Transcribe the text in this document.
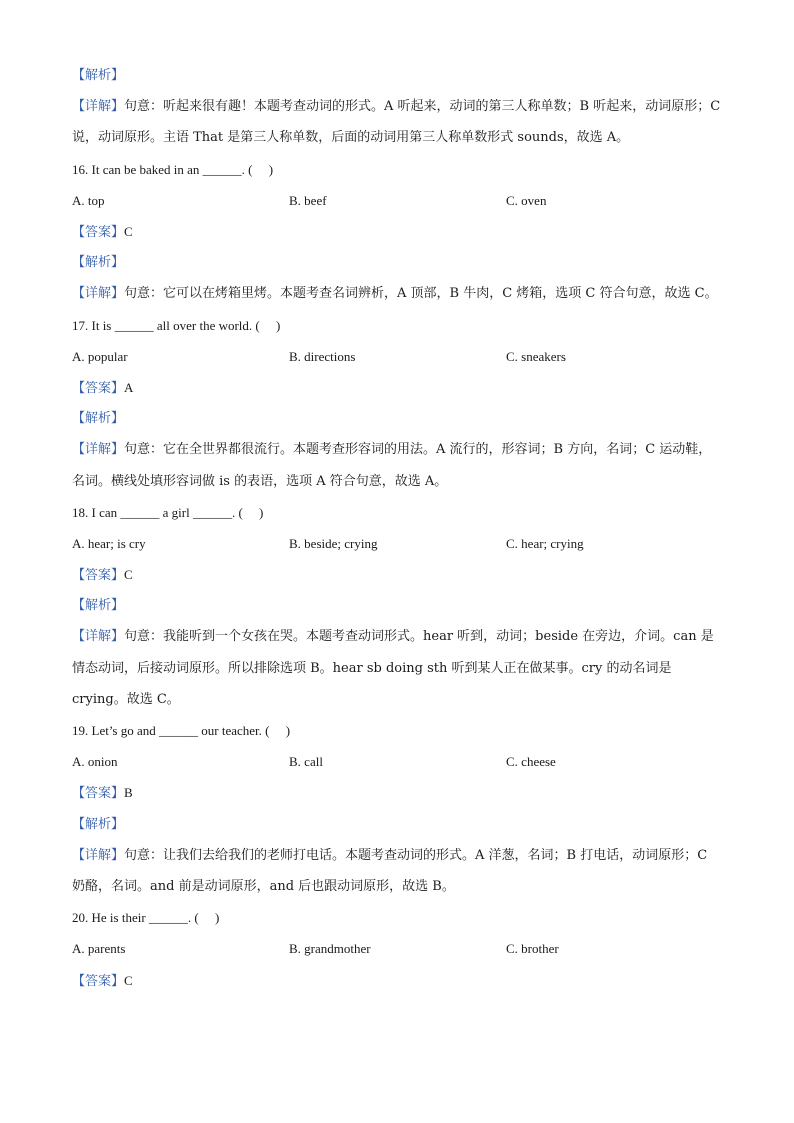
【解析】
【详解】句意：听起来很有趣！本题考查动词的形式。A 听起来，动词的第三人称单数；B 听起来，动词原形；C 说，动词原形。主语 That 是第三人称单数，后面的动词用第三人称单数形式 sounds，故选 A。
16. It can be baked in an ______. (　 )
A. top	B. beef	C. oven
【答案】C
【解析】
【详解】句意：它可以在烤箱里烤。本题考查名词辨析，A 顶部，B 牛肉，C 烤箱，选项 C 符合句意，故选 C。
17. It is ______ all over the world. (　 )
A. popular	B. directions	C. sneakers
【答案】A
【解析】
【详解】句意：它在全世界都很流行。本题考查形容词的用法。A 流行的，形容词；B 方向，名词；C 运动鞋，名词。横线处填形容词做 is 的表语，选项 A 符合句意，故选 A。
18. I can ______ a girl ______. (　 )
A. hear; is cry	B. beside; crying	C. hear; crying
【答案】C
【解析】
【详解】句意：我能听到一个女孩在哭。本题考查动词形式。hear 听到，动词；beside 在旁边，介词。can 是情态动词，后接动词原形。所以排除选项 B。hear sb doing sth 听到某人正在做某事。cry 的动名词是 crying。故选 C。
19. Let’s go and ______ our teacher. (　 )
A. onion	B. call	C. cheese
【答案】B
【解析】
【详解】句意：让我们去给我们的老师打电话。本题考查动词的形式。A 洋葱，名词；B 打电话，动词原形；C 奶酪，名词。and 前是动词原形，and 后也跟动词原形，故选 B。
20. He is their ______. (　 )
A. parents	B. grandmother	C. brother
【答案】C
